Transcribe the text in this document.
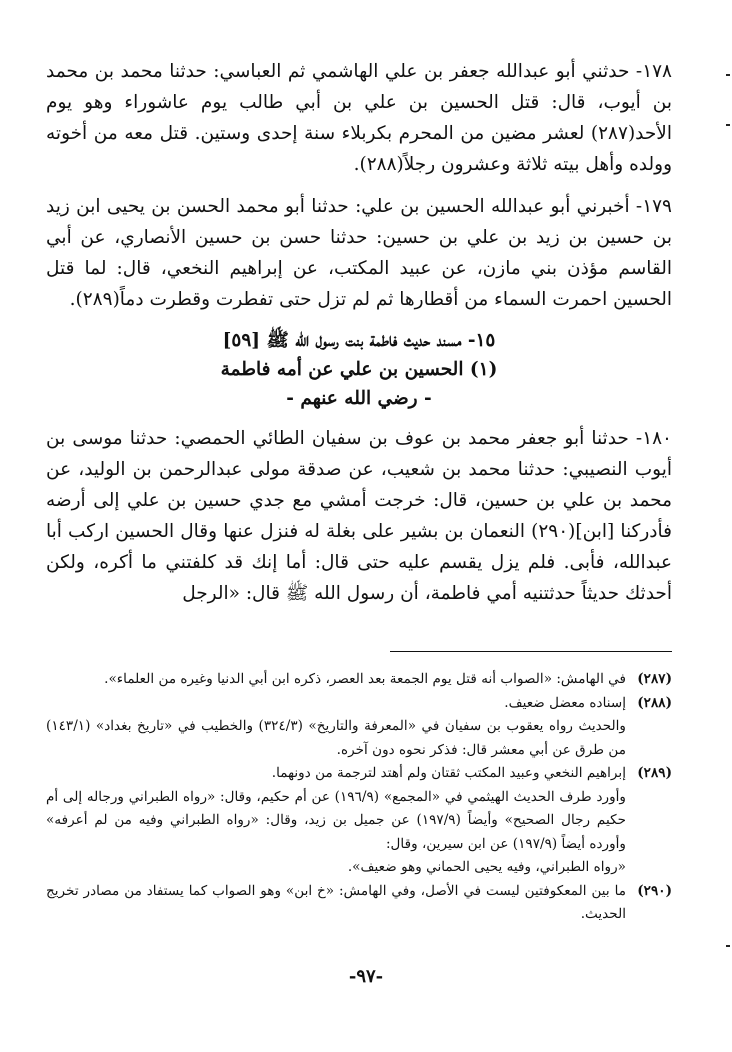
١٧٨- حدثني أبو عبدالله جعفر بن علي الهاشمي ثم العباسي: حدثنا محمد بن محمد بن أيوب، قال: قتل الحسين بن علي بن أبي طالب يوم عاشوراء وهو يوم الأحد(٢٨٧) لعشر مضين من المحرم بكربلاء سنة إحدى وستين. قتل معه من أخوته وولده وأهل بيته ثلاثة وعشرون رجلاً(٢٨٨).

١٧٩- أخبرني أبو عبدالله الحسين بن علي: حدثنا أبو محمد الحسن بن يحيى ابن زيد بن حسين بن زيد بن علي بن حسين: حدثنا حسن بن حسين الأنصاري، عن أبي القاسم مؤذن بني مازن، عن عبيد المكتب، عن إبراهيم النخعي، قال: لما قتل الحسين احمرت السماء من أقطارها ثم لم تزل حتى تفطرت وقطرت دماً(٢٨٩).

١٥- مسند حديث فاطمة بنت رسول الله ﷺ [٥٩]
(١) الحسين بن علي عن أمه فاطمة
- رضي الله عنهم -

١٨٠- حدثنا أبو جعفر محمد بن عوف بن سفيان الطائي الحمصي: حدثنا موسى بن أيوب النصيبي: حدثنا محمد بن شعيب، عن صدقة مولى عبدالرحمن بن الوليد، عن محمد بن علي بن حسين، قال: خرجت أمشي مع جدي حسين بن علي إلى أرضه فأدركنا [ابن](٢٩٠) النعمان بن بشير على بغلة له فنزل عنها وقال الحسين اركب أبا عبدالله، فأبى. فلم يزل يقسم عليه حتى قال: أما إنك قد كلفتني ما أكره، ولكن أحدثك حديثاً حدثتنيه أمي فاطمة، أن رسول الله ﷺ قال: «الرجل

(٢٨٧)
في الهامش: «الصواب أنه قتل يوم الجمعة بعد العصر، ذكره ابن أبي الدنيا وغيره من العلماء».
(٢٨٨)
إسناده معضل ضعيف.
والحديث رواه يعقوب بن سفيان في «المعرفة والتاريخ» (٣٢٤/٣) والخطيب في «تاريخ بغداد» (١٤٣/١) من طرق عن أبي معشر قال: فذكر نحوه دون آخره.
(٢٨٩)
إبراهيم النخعي وعبيد المكتب ثقتان ولم أهتد لترجمة من دونهما.
وأورد طرف الحديث الهيثمي في «المجمع» (١٩٦/٩) عن أم حكيم، وقال: «رواه الطبراني ورجاله إلى أم حكيم رجال الصحيح» وأيضاً (١٩٧/٩) عن جميل بن زيد، وقال: «رواه الطبراني وفيه من لم أعرفه» وأورده أيضاً (١٩٧/٩) عن ابن سيرين، وقال:
«رواه الطبراني، وفيه يحيى الحماني وهو ضعيف».
(٢٩٠)
ما بين المعكوفتين ليست في الأصل، وفي الهامش: «خ ابن» وهو الصواب كما يستفاد من مصادر تخريج الحديث.
-٩٧-
